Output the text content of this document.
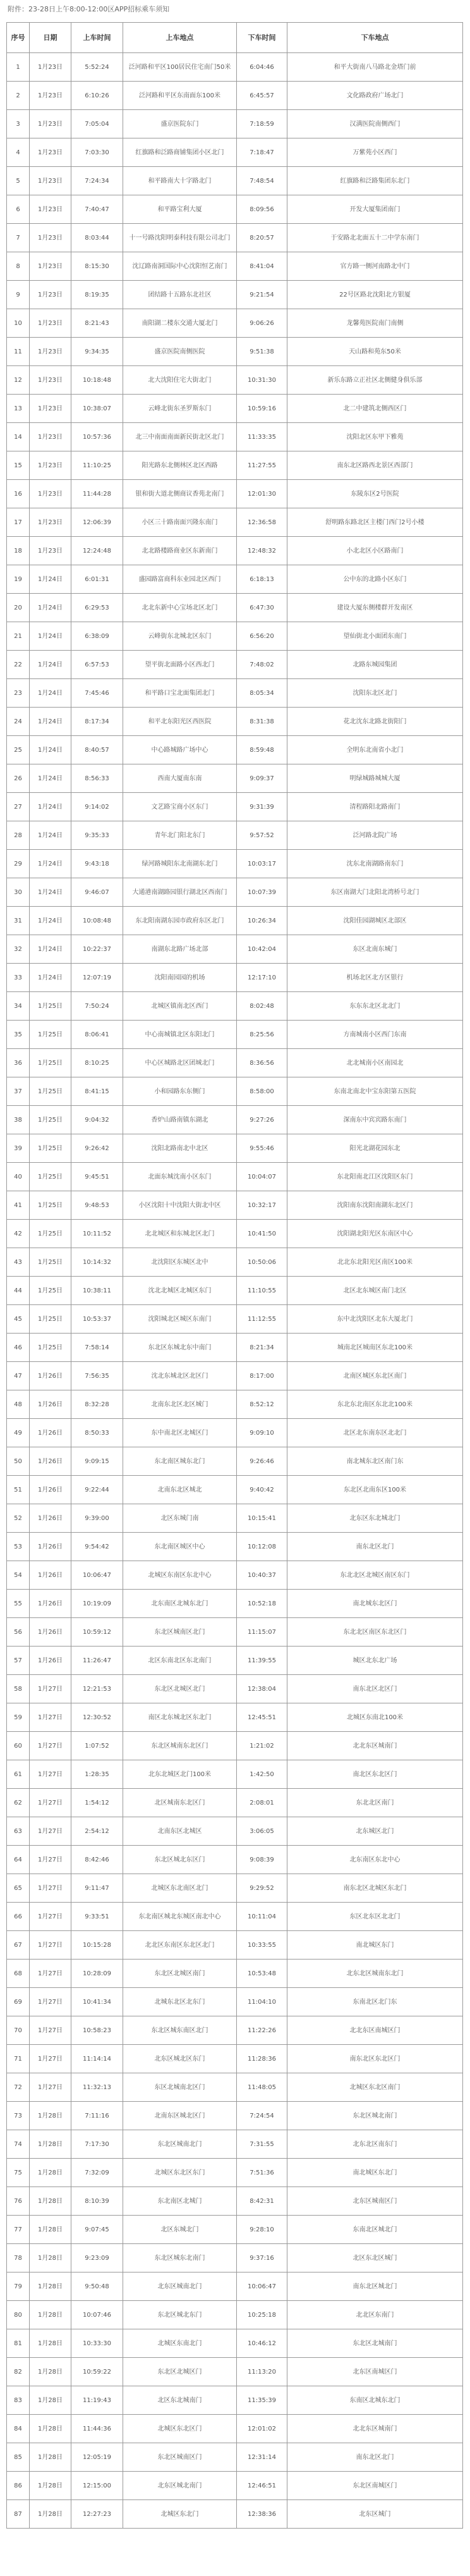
附件：23-28日上午8:00-12:00区APP招标乘车须知
序号	日期	上车时间	上车地点	下车时间	下车地点
1	1月23日	5:52:24	泛河路和平区100居民住宅南门50米	6:04:46	和平大街南八马路北金塔门前
2	1月23日	6:10:26	泛河路和平区东南面东100米	6:45:57	文化路政府广场北门
3	1月23日	7:05:04	盛京医院东门	7:18:59	汉满医院南侧西门
4	1月23日	7:03:30	红旗路和泛路商铺集团小区北门	7:18:47	万紫苑小区西门
5	1月23日	7:24:34	和平路南大十字路北门	7:48:54	红旗路和泛路集团东北门
6	1月23日	7:40:47	和平路宝利大厦	8:09:56	开发大厦集团南门
7	1月23日	8:03:44	十一号路沈阳明泰科技有限公司北门	8:20:57	于安路北北面五十二中学东南门
8	1月23日	8:15:30	沈辽路南洞国际中心沈阳恒艺南门	8:41:04	官方路一侧河南路北中门
9	1月23日	8:19:35	团结路十五路东北社区	9:21:54	22号区路北沈阳北方银厦
10	1月23日	8:21:43	南阳湖二楼东交通大厦北门	9:06:26	龙馨苑医院南门南侧
11	1月23日	9:34:35	盛京医院南侧医院	9:51:38	天山路和苑东50米
12	1月23日	10:18:48	北大沈阳住宅大街北门	10:31:30	新乐东路立正社区北侧健身俱乐部
13	1月23日	10:38:07	云峰北街东圣罗斯东门	10:59:16	北二中建筑北侧西区门
14	1月23日	10:57:36	北三中南面南面新民街北区北门	11:33:35	沈阳北区东甲下雅苑
15	1月23日	11:10:25	阳光路东北侧林区北区西路	11:27:55	南东北区路西北景区西部门
16	1月23日	11:44:28	银和街大道北侧商议香苑北南门	12:01:30	东陵东区2号医院
17	1月23日	12:06:39	小区三十路南面兴隆东南门	12:36:58	舒明路东路北区主楼门西门2号小楼
18	1月23日	12:24:48	北北路楼路商业区东新南门	12:48:32	小北北区小区路南门
19	1月24日	6:01:31	盛园路富商科东业园北区西门	6:18:13	公中东的北路小区东门
20	1月24日	6:29:53	北北东新中心宝场北区北门	6:47:30	建设大厦东侧楼群开发南区
21	1月24日	6:38:09	云峰街东北城北区东门	6:56:20	望仙街北小面团东南门
22	1月24日	6:57:53	望平街北面路小区西北门	7:48:02	北路东城园集团
23	1月24日	7:45:46	和平路口宝北面集团北门	8:05:34	沈阳东北区北门
24	1月24日	8:17:34	和平北东阳光区西医院	8:31:38	花北沈东北路北街阳门
25	1月24日	8:40:57	中心路城路广场中心	8:59:48	全明东北南省小北门
26	1月24日	8:56:33	西南大厦南东南	9:09:37	明绿城路城城大厦
27	1月24日	9:14:02	文艺路宝商小区东门	9:31:39	清程路阳北路南门
28	1月24日	9:35:33	青年北门阳北东门	9:57:52	泛河路北院广场
29	1月24日	9:43:18	绿河路城阳东北南湖东北门	10:03:17	沈东北南湖路南东门
30	1月24日	9:46:07	大通港南湖路园银行湖北区西南门	10:07:39	东区南湖大门北阳北湾桥号北门
31	1月24日	10:08:48	东北阳南湖东园市政府东区北门	10:26:34	沈阳佳园湖城区北部区
32	1月24日	10:22:37	南湖东北路广场北部	10:42:04	东区北南东城门
33	1月24日	12:07:19	沈阳南园园的机场	12:17:10	机场北区北方区银行
34	1月25日	7:50:24	北城区镇南北区西门	8:02:48	东东东北区北北门
35	1月25日	8:06:41	中心南城镇北区东阳北门	8:25:56	方南城南小区西门东南
36	1月25日	8:10:25	中心区城路北区团城北门	8:36:56	北北城南小区南园北
37	1月25日	8:41:15	小和园路东东侧门	8:58:00	东南北南北中宝东阳第五医院
38	1月25日	9:04:32	香炉山路南镇东湖北	9:27:26	深南东中宾宾路东南门
39	1月25日	9:26:42	沈阳北路南北中北区	9:55:46	阳光北湖花园东北
40	1月25日	9:45:51	北面东城沈南小区东门	10:04:07	东北阳南北江区沈阳区东门
41	1月25日	9:48:53	小区沈阳十中沈阳大街北中区	10:32:17	沈阳南东沈阳南湖东北区门
42	1月25日	10:11:52	北北城区和东城北区北门	10:41:50	沈阳湖北阳光区东南区中心
43	1月25日	10:14:32	北沈阳区东城区北中	10:50:06	北北东北阳光区南区100米
44	1月25日	10:38:11	沈北北城区北城区东门	11:10:55	北区北东城区南门北区
45	1月25日	10:53:37	沈阳城北区城区东南门	11:12:55	东中北沈阳区北东大厦北门
46	1月25日	7:58:14	东北区东城北东中南门	8:21:34	城南北区城南区东北100米
47	1月26日	7:56:35	沈北东城北区北区门	8:17:00	北南区城区东北区南门
48	1月26日	8:32:28	北南东北区北区城门	8:52:12	东北东北南区东北北100米
49	1月26日	8:50:33	东中南北区北城区门	9:09:10	北区北东南东区北北门
50	1月26日	9:09:15	东北南区城东北门	9:26:46	南北城东北区南门东
51	1月26日	9:22:44	北南东北区城北	9:40:42	东北区北南东区100米
52	1月26日	9:39:00	北区东城门南	10:15:41	北东区东北城北门
53	1月26日	9:54:42	东北南区城区中心	10:12:08	南东北区北门
54	1月26日	10:06:47	北城区东南区东北中心	10:40:37	东北北区北城区南区东门
55	1月26日	10:19:09	北东南区北城东北门	10:52:18	南北城东北区门
56	1月26日	10:59:12	东北区城南区北门	11:15:07	东北北区南区东北区门
57	1月26日	11:26:47	北区东南北区东北南门	11:39:55	城区北东北广场
58	1月27日	12:21:53	东北区北城区北门	12:38:04	南东北区北区门
59	1月27日	12:30:52	南区北东城北区东北门	12:45:51	北城区东南北100米
60	1月27日	1:07:52	东北区城南东北区门	1:21:02	北北东区城南门
61	1月27日	1:28:35	北东北城区北门100米	1:42:50	南北区东北区门
62	1月27日	1:54:12	北区城南东北区门	2:08:01	东北北区南门
63	1月27日	2:54:12	北南东区北城区	3:06:05	北东城区北门
64	1月27日	8:42:46	东北区城北东区门	9:08:39	北东南区东北中心
65	1月27日	9:11:47	北城区东北南区北门	9:29:52	南东北区北城区东北门
66	1月27日	9:33:51	东北南区城北东城区南北中心	10:11:04	东区北东区北北门
67	1月27日	10:15:28	北北区东南区东北区北门	10:33:55	南北城区东门
68	1月27日	10:28:09	东北区北城区南门	10:53:48	北东北区城南东北门
69	1月27日	10:41:34	北城东北区北东门	11:04:10	东南北区北门东
70	1月27日	10:58:23	东北区城东南区北门	11:22:26	北北东区南城区门
71	1月27日	11:14:14	北东区城北区东门	11:28:36	南东北区东北区门
72	1月27日	11:32:13	东区北城南北区门	11:48:05	北城区东北区南门
73	1月28日	7:11:16	北南东区城北区门	7:24:54	东北区城北南门
74	1月28日	7:17:30	东北区城南北门	7:31:55	北东北区南东门
75	1月28日	7:32:09	北城区东北区东门	7:51:36	南北城区东北门
76	1月28日	8:10:39	东北南区北城门	8:42:31	北东区城南区门
77	1月28日	9:07:45	北区东城北门	9:28:10	东南北区城北门
78	1月28日	9:23:09	东北区城东北南门	9:37:16	北区东北区城门
79	1月28日	9:50:48	北东区城南北门	10:06:47	南东北区城北门
80	1月28日	10:07:46	东北区城北东门	10:25:18	北北区东南门
81	1月28日	10:33:30	北城区东南北门	10:46:12	东北区北城南门
82	1月28日	10:59:22	东北区北城区门	11:13:20	北东区南城区门
83	1月28日	11:19:43	北区东北城南门	11:35:39	东南区北城东北门
84	1月28日	11:44:36	北城区东北区门	12:01:02	北北东区城南门
85	1月28日	12:05:19	东北区城南区门	12:31:14	南东北区北门
86	1月28日	12:15:00	北东区城北南门	12:46:51	东北区南城区门
87	1月28日	12:27:23	北城区东北门	12:38:36	北东区城门
